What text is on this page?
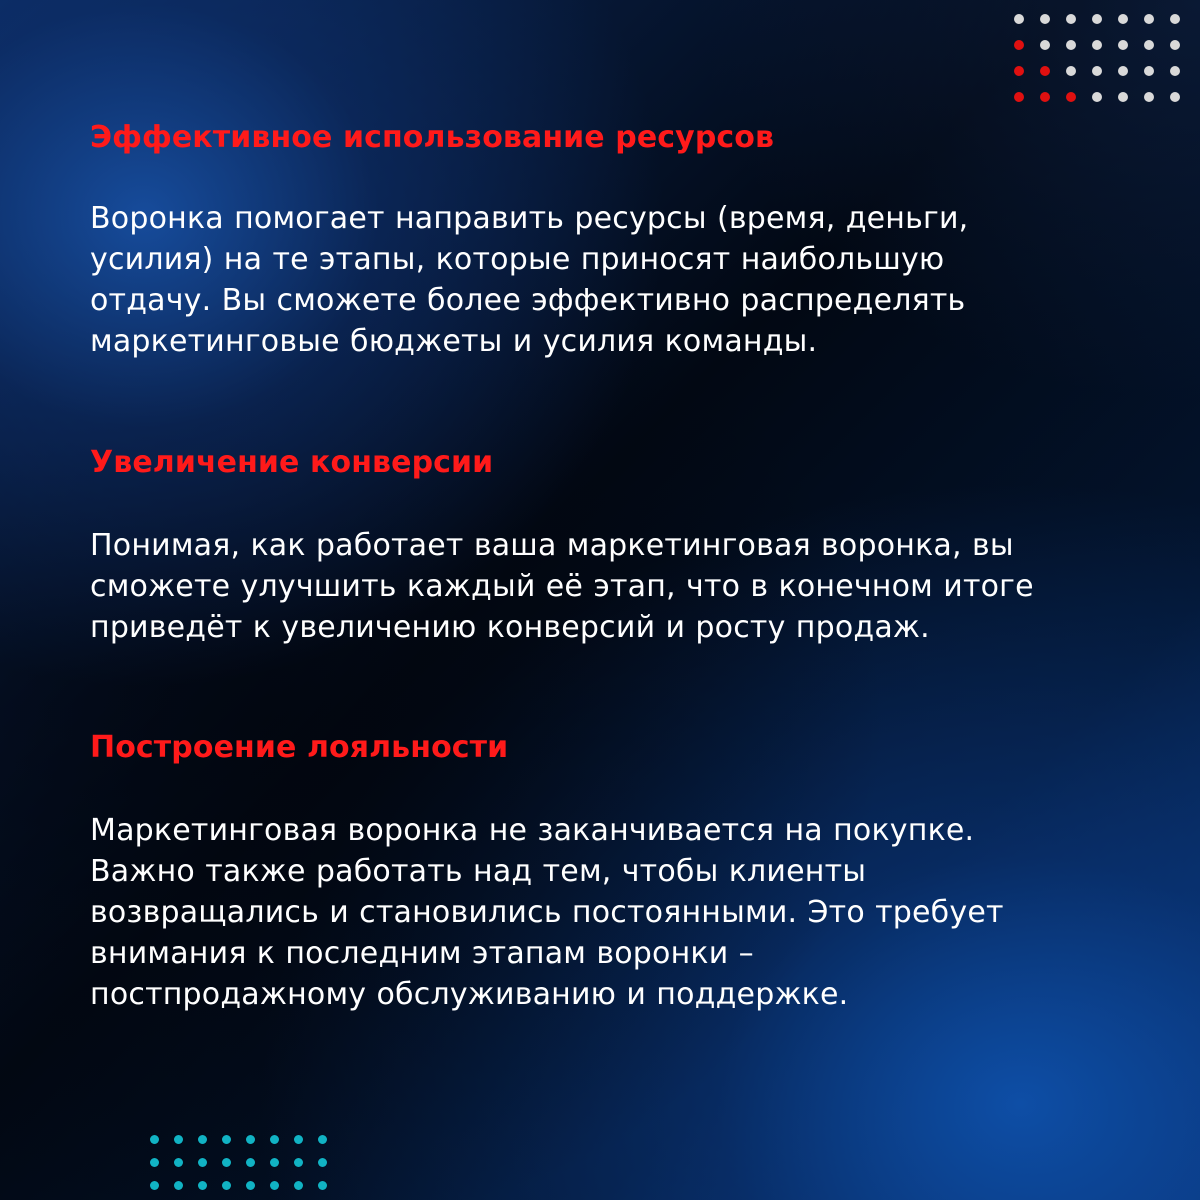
Эффективное использование ресурсов

Воронка помогает направить ресурсы (время, деньги,
усилия) на те этапы, которые приносят наибольшую
отдачу. Вы сможете более эффективно распределять
маркетинговые бюджеты и усилия команды.

Увеличение конверсии

Понимая, как работает ваша маркетинговая воронка, вы
сможете улучшить каждый её этап, что в конечном итоге
приведёт к увеличению конверсий и росту продаж.

Построение лояльности

Маркетинговая воронка не заканчивается на покупке.
Важно также работать над тем, чтобы клиенты
возвращались и становились постоянными. Это требует
внимания к последним этапам воронки –
постпродажному обслуживанию и поддержке.
